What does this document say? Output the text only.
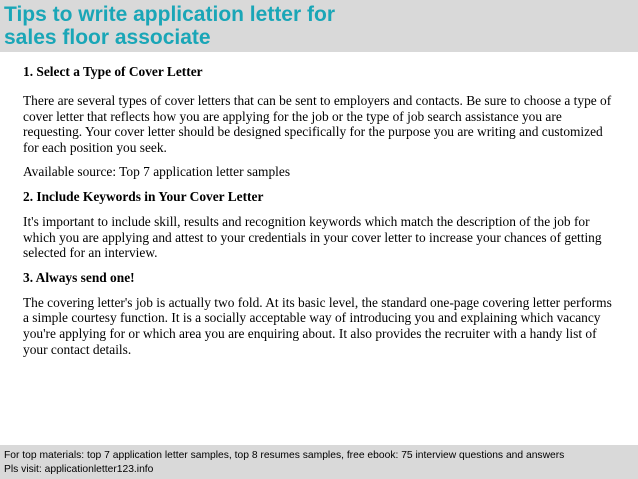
Tips to write application letter for
sales floor associate

1. Select a Type of Cover Letter

There are several types of cover letters that can be sent to employers and contacts. Be sure to choose a type of cover letter that reflects how you are applying for the job or the type of job search assistance you are requesting. Your cover letter should be designed specifically for the purpose you are writing and customized for each position you seek.

Available source: Top 7 application letter samples

2. Include Keywords in Your Cover Letter

It's important to include skill, results and recognition keywords which match the description of the job for which you are applying and attest to your credentials in your cover letter to increase your chances of getting selected for an interview.

3. Always send one!

The covering letter's job is actually two fold. At its basic level, the standard one-page covering letter performs a simple courtesy function. It is a socially acceptable way of introducing you and explaining which vacancy you're applying for or which area you are enquiring about. It also provides the recruiter with a handy list of your contact details.

For top materials: top 7 application letter samples, top 8 resumes samples, free ebook: 75 interview questions and answers
Pls visit: applicationletter123.info
